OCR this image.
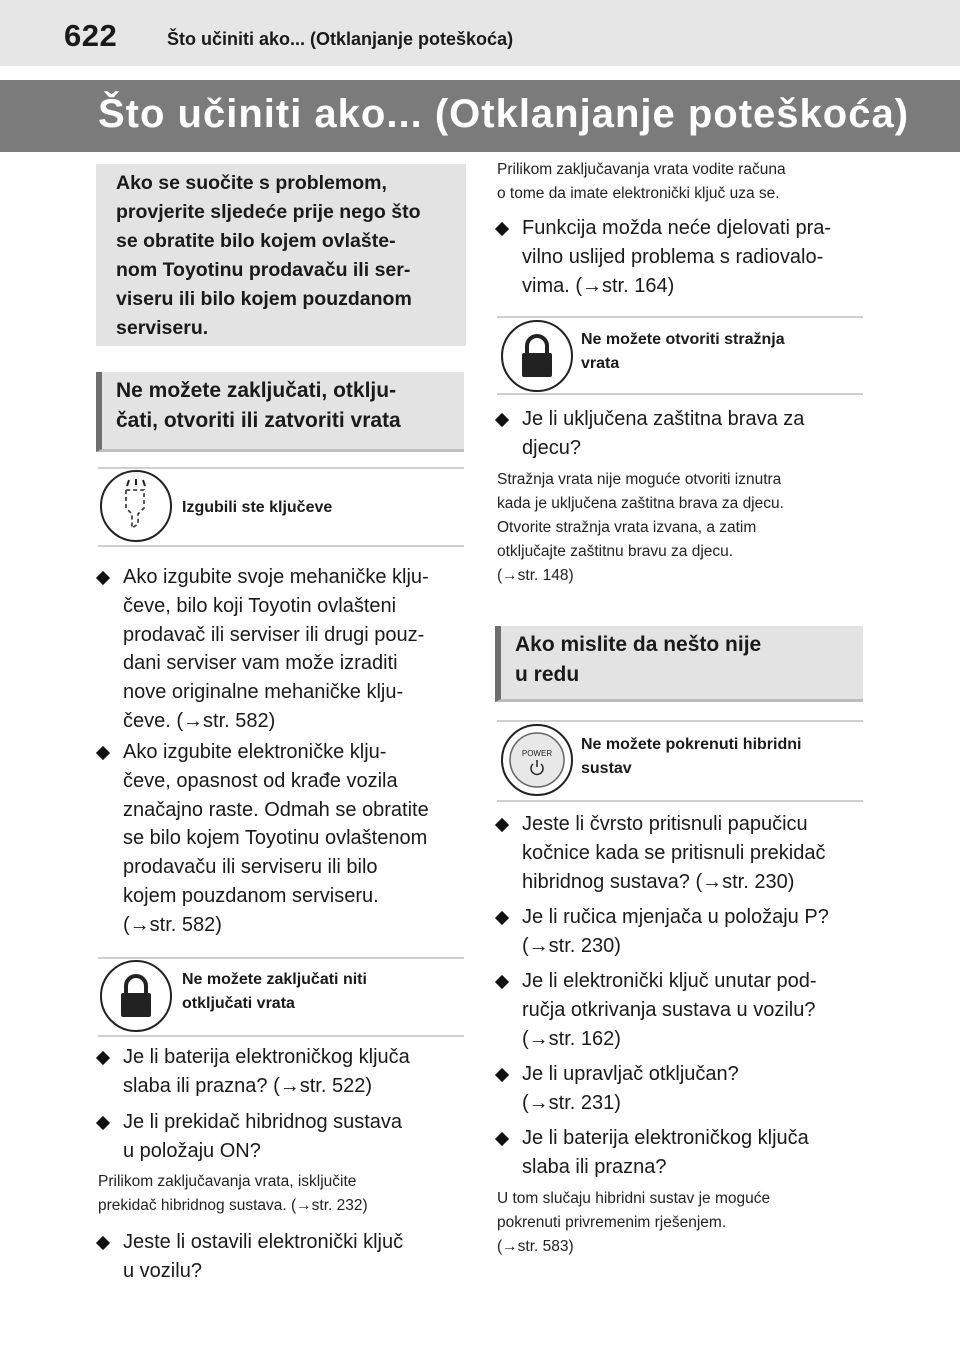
622	Što učiniti ako... (Otklanjanje poteškoća)
Što učiniti ako... (Otklanjanje poteškoća)
Ako se suočite s problemom,
provjerite sljedeće prije nego što
se obratite bilo kojem ovlašte-
nom Toyotinu prodavaču ili ser-
viseru ili bilo kojem pouzdanom
serviseru.
Ne možete zaključati, otklju-
čati, otvoriti ili zatvoriti vrata
Izgubili ste ključeve
Ako izgubite svoje mehaničke klju-
čeve, bilo koji Toyotin ovlašteni
prodavač ili serviser ili drugi pouz-
dani serviser vam može izraditi
nove originalne mehaničke klju-
čeve. (→str. 582)
Ako izgubite elektroničke klju-
čeve, opasnost od krađe vozila
značajno raste. Odmah se obratite
se bilo kojem Toyotinu ovlaštenom
prodavaču ili serviseru ili bilo
kojem pouzdanom serviseru.
(→str. 582)
Ne možete zaključati niti
otključati vrata
Je li baterija elektroničkog ključa
slaba ili prazna? (→str. 522)
Je li prekidač hibridnog sustava
u položaju ON?
Prilikom zaključavanja vrata, isključite
prekidač hibridnog sustava. (→str. 232)
Jeste li ostavili elektronički ključ
u vozilu?
Prilikom zaključavanja vrata vodite računa
o tome da imate elektronički ključ uza se.
Funkcija možda neće djelovati pra-
vilno uslijed problema s radiovalo-
vima. (→str. 164)
Ne možete otvoriti stražnja
vrata
Je li uključena zaštitna brava za
djecu?
Stražnja vrata nije moguće otvoriti iznutra
kada je uključena zaštitna brava za djecu.
Otvorite stražnja vrata izvana, a zatim
otključajte zaštitnu bravu za djecu.
(→str. 148)
Ako mislite da nešto nije
u redu
POWER
Ne možete pokrenuti hibridni
sustav
Jeste li čvrsto pritisnuli papučicu
kočnice kada se pritisnuli prekidač
hibridnog sustava? (→str. 230)
Je li ručica mjenjača u položaju P?
(→str. 230)
Je li elektronički ključ unutar pod-
ručja otkrivanja sustava u vozilu?
(→str. 162)
Je li upravljač otključan?
(→str. 231)
Je li baterija elektroničkog ključa
slaba ili prazna?
U tom slučaju hibridni sustav je moguće
pokrenuti privremenim rješenjem.
(→str. 583)
